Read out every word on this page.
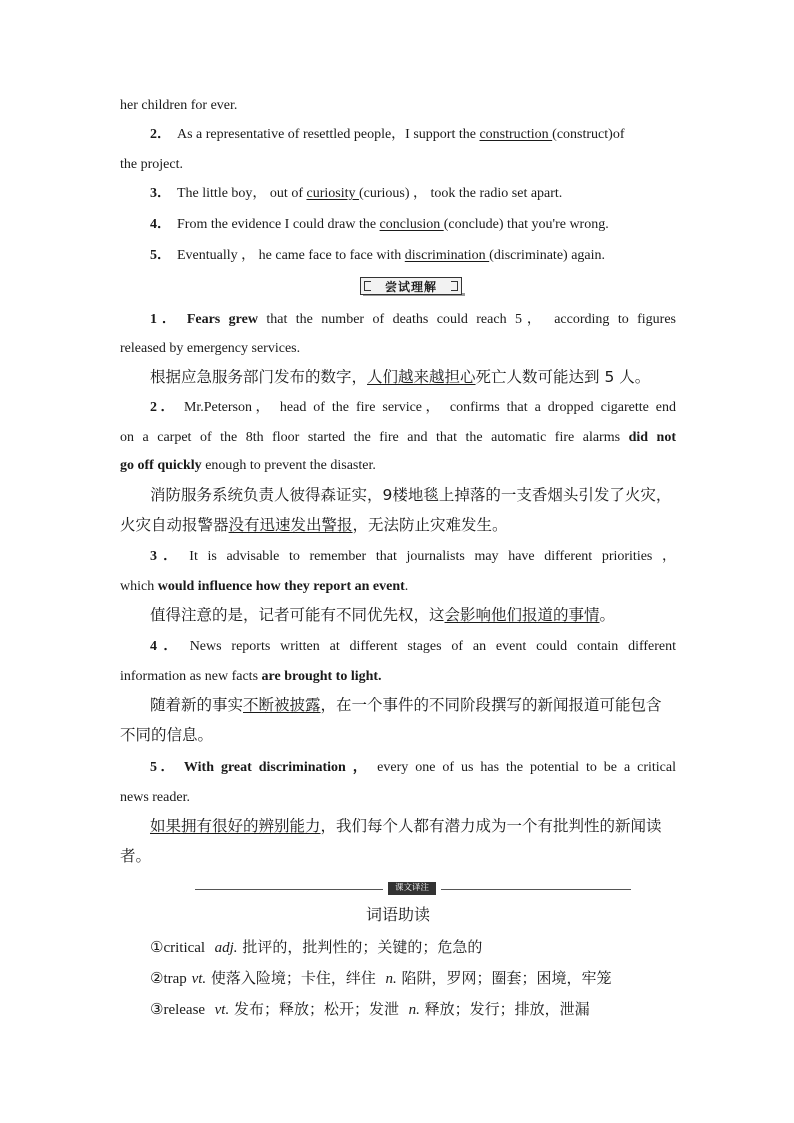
her children for ever.
2． As a representative of resettled people，I support the construction (construct)of
the project.
3． The little boy， out of curiosity (curious) ， took the radio set apart.
4． From the evidence I could draw the conclusion (conclude) that you're wrong.
5． Eventually ， he came face to face with discrimination (discriminate) again.
尝试理解
1． Fears grew that the number of deaths could reach 5， according to figures
released by emergency services.
根据应急服务部门发布的数字，人们越来越担心死亡人数可能达到 5 人。
2． Mr.Peterson， head of the fire service， confirms that a dropped cigarette end
on a carpet of the 8th floor started the fire and that the automatic fire alarms did not
go off quickly enough to prevent the disaster.
消防服务系统负责人彼得森证实，9楼地毯上掉落的一支香烟头引发了火灾，
火灾自动报警器没有迅速发出警报，无法防止灾难发生。
3． It is advisable to remember that journalists may have different priorities ，
which would influence how they report an event.
值得注意的是，记者可能有不同优先权，这会影响他们报道的事情。
4． News reports written at different stages of an event could contain different
information as new facts are brought to light.
随着新的事实不断被披露，在一个事件的不同阶段撰写的新闻报道可能包含
不同的信息。
5． With great discrimination ， every one of us has the potential to be a critical
news reader.
如果拥有很好的辨别能力，我们每个人都有潜力成为一个有批判性的新闻读
者。
课文译注
词语助读
①critical adj. 批评的，批判性的；关键的；危急的
②trap vt. 使落入险境；卡住，绊住 n. 陷阱，罗网；圈套；困境，牢笼
③release vt. 发布；释放；松开；发泄 n. 释放；发行；排放，泄漏
